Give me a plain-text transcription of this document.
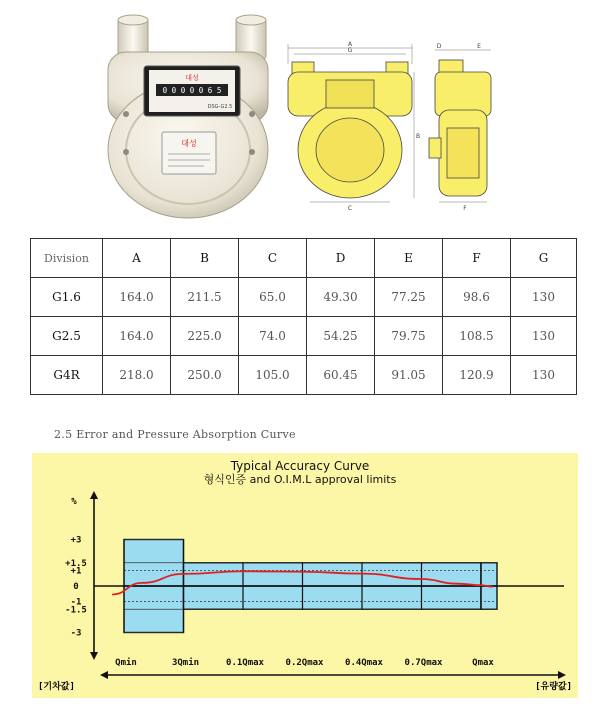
대성
0 0 0 0 0 6 5
DSG-G2.5
대성
A
G
B
C
D	E
F
Division	A	B	C	D	E	F	G
G1.6	164.0	211.5	65.0	49.30	77.25	98.6	130
G2.5	164.0	225.0	74.0	54.25	79.75	108.5	130
G4R	218.0	250.0	105.0	60.45	91.05	120.9	130
2.5 Error and Pressure Absorption Curve
Typical Accuracy Curve
형식인증 and O.I.M.L approval limits
+3
+1.5
+1
0
-1
-1.5
-3
Qmin	3Qmin	0.1Qmax 0.2Qmax 0.4Qmax 0.7Qmax	Qmax
%
[기차값]	[유량값]
